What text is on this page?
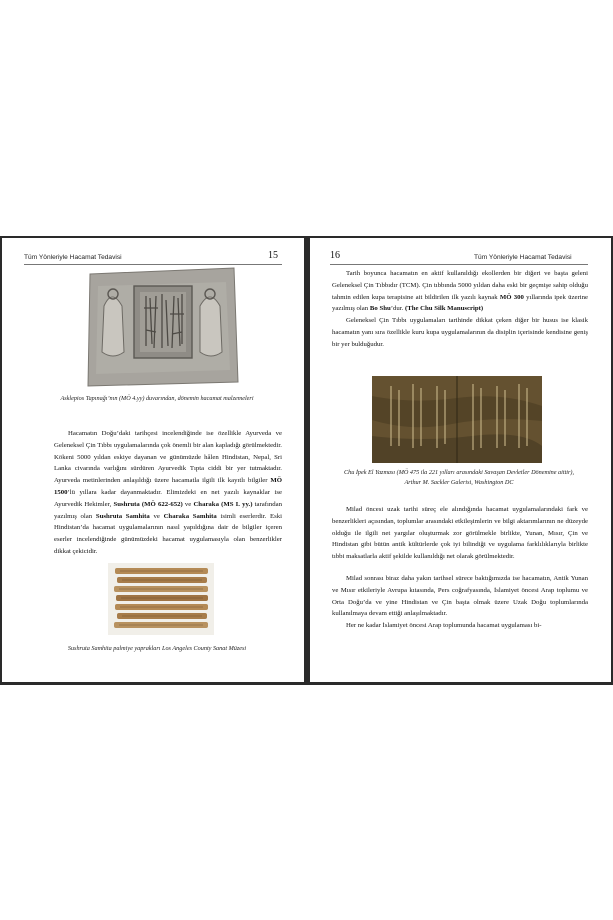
Tüm Yönleriyle Hacamat Tedavisi	15
Asklepios Tapınağı’nın (MÖ 4.yy) duvarından, dönemin hacamat malzemeleri

Hacamatın Doğu’daki tarihçesi incelendiğinde ise özellikle Ayurveda ve Geleneksel Çin Tıbbı uygulamalarında çok önemli bir alan kapladığı görülmektedir. Kökeni 5000 yıldan eskiye dayanan ve günümüzde hâlen Hindistan, Nepal, Sri Lanka civarında varlığını sürdüren Ayurvedik Tıpta ciddi bir yer tutmaktadır. Ayurveda metinlerinden anlaşıldığı üzere hacamatla ilgili ilk kayıtlı bilgiler MÖ 1500’lü yıllara kadar dayanmaktadır. Elimizdeki en net yazılı kaynaklar ise Ayurvedik Hekimler, Sushruta (MÖ 622-652) ve Charaka (MS I. yy.) tarafından yazılmış olan Sushruta Samhita ve Charaka Samhita isimli eserlerdir. Eski Hindistan’da hacamat uygulamalarının nasıl yapıldığına dair de bilgiler içeren eserler incelendiğinde günümüzdeki hacamat uygulamasıyla olan benzerlikler dikkat çekicidir.

Sushruta Samhita palmiye yaprakları Los Angeles County Sanat Müzesi
16	Tüm Yönleriyle Hacamat Tedavisi

Tarih boyunca hacamatın en aktif kullanıldığı ekollerden bir diğeri ve başta geleni Geleneksel Çin Tıbbıdır (TCM). Çin tıbbında 5000 yıldan daha eski bir geçmişe sahip olduğu tahmin edilen kupa terapisine ait bildirilen ilk yazılı kaynak MÖ 300 yıllarında ipek üzerine yazılmış olan Bo Shu’dur. (The Chu Silk Manuscript)

Geleneksel Çin Tıbbı uygulamaları tarihinde dikkat çeken diğer bir husus ise klasik hacamatın yanı sıra özellikle kuru kupa uygulamalarının da disiplin içerisinde kendisine geniş bir yer bulduğudur.

Chu İpek El Yazması (MÖ 475 ila 221 yılları arasındaki Savaşan Devletler Dönemine aittir), Arthur M. Sackler Galerisi, Washington DC

Milad öncesi uzak tarihi süreç ele alındığında hacamat uygulamalarındaki fark ve benzerlikleri açısından, toplumlar arasındaki etkileşimlerin ve bilgi aktarımlarının ne düzeyde olduğu ile ilgili net yargılar oluşturmak zor görülmekle birlikte, Yunan, Mısır, Çin ve Hindistan gibi bütün antik kültürlerde çok iyi bilindiği ve uygulama farklılıklarıyla birlikte tıbbi maksatlarla aktif şekilde kullanıldığı net olarak görülmektedir.

Milad sonrası biraz daha yakın tarihsel sürece baktığımızda ise hacamatın, Antik Yunan ve Mısır etkileriyle Avrupa kıtasında, Pers coğrafyasında, İslamiyet öncesi Arap toplumu ve Orta Doğu’da ve yine Hindistan ve Çin başta olmak üzere Uzak Doğu toplumlarında kullanılmaya devam ettiği anlaşılmaktadır.

Her ne kadar İslamiyet öncesi Arap toplumunda hacamat uygulaması bi-
